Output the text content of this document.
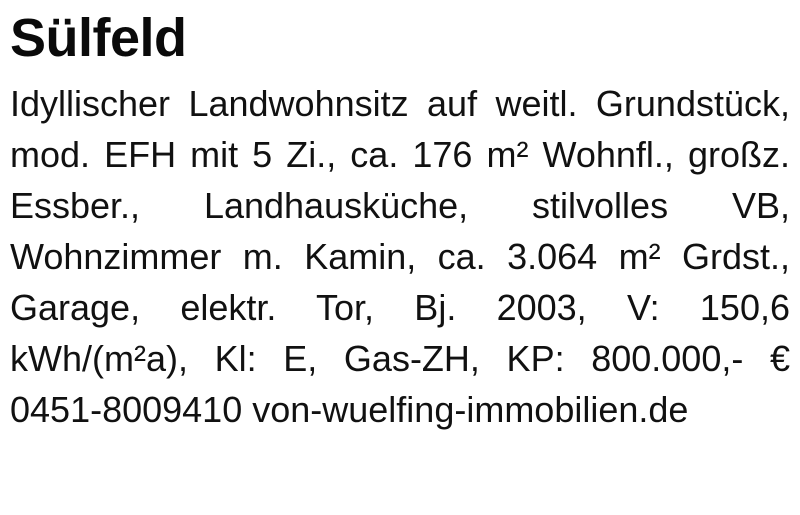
Sülfeld
Idyllischer Landwohnsitz auf weitl. Grundstück, mod. EFH mit 5 Zi., ca. 176 m² Wohnfl., großz. Essber., Landhausküche, stilvolles VB, Wohnzimmer m. Kamin, ca. 3.064 m² Grdst., Garage, elektr. Tor, Bj. 2003, V: 150,6 kWh/(m²a), Kl: E, Gas-ZH, KP: 800.000,- € 0451-8009410 von-wuelfing-immobilien.de
